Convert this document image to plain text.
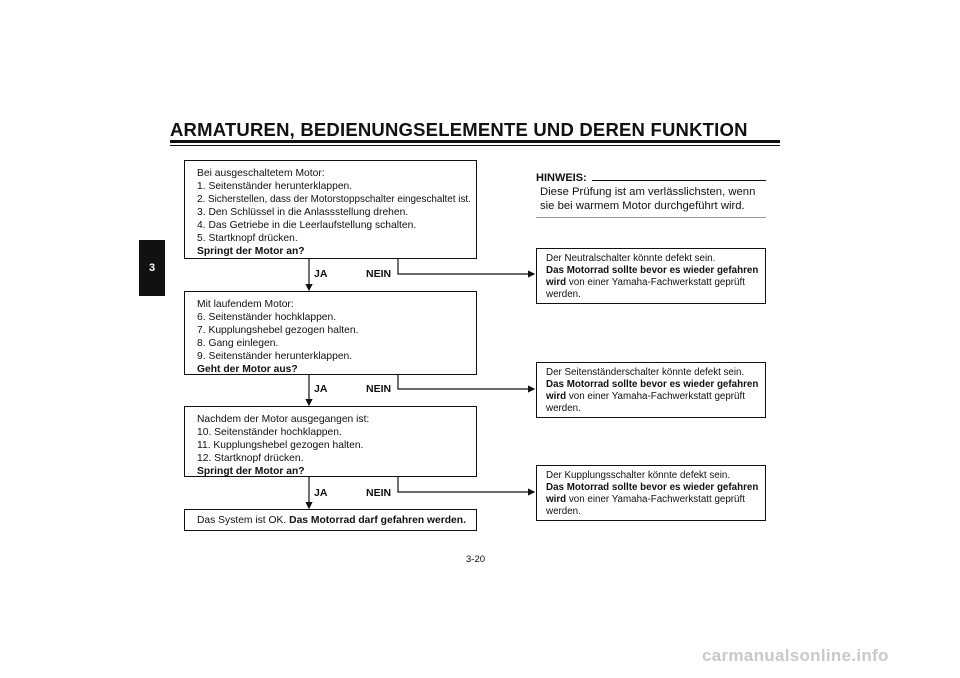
ARMATUREN, BEDIENUNGSELEMENTE UND DEREN FUNKTION
3
Bei ausgeschaltetem Motor:
1. Seitenständer herunterklappen.
2. Sicherstellen, dass der Motorstoppschalter eingeschaltet ist.
3. Den Schlüssel in die Anlassstellung drehen.
4. Das Getriebe in die Leerlaufstellung schalten.
5. Startknopf drücken.
Springt der Motor an?
JA	NEIN
Mit laufendem Motor:
6. Seitenständer hochklappen.
7. Kupplungshebel gezogen halten.
8. Gang einlegen.
9. Seitenständer herunterklappen.
Geht der Motor aus?
JA	NEIN
Nachdem der Motor ausgegangen ist:
10. Seitenständer hochklappen.
11. Kupplungshebel gezogen halten.
12. Startknopf drücken.
Springt der Motor an?
JA	NEIN
Das System ist OK. Das Motorrad darf gefahren werden.
Der Neutralschalter könnte defekt sein.
Das Motorrad sollte bevor es wieder gefahren
wird von einer Yamaha-Fachwerkstatt geprüft
werden.
Der Seitenständerschalter könnte defekt sein.
Das Motorrad sollte bevor es wieder gefahren
wird von einer Yamaha-Fachwerkstatt geprüft
werden.
Der Kupplungsschalter könnte defekt sein.
Das Motorrad sollte bevor es wieder gefahren
wird von einer Yamaha-Fachwerkstatt geprüft
werden.
HINWEIS:
Diese Prüfung ist am verlässlichsten, wenn
sie bei warmem Motor durchgeführt wird.
3-20
carmanualsonline.info
